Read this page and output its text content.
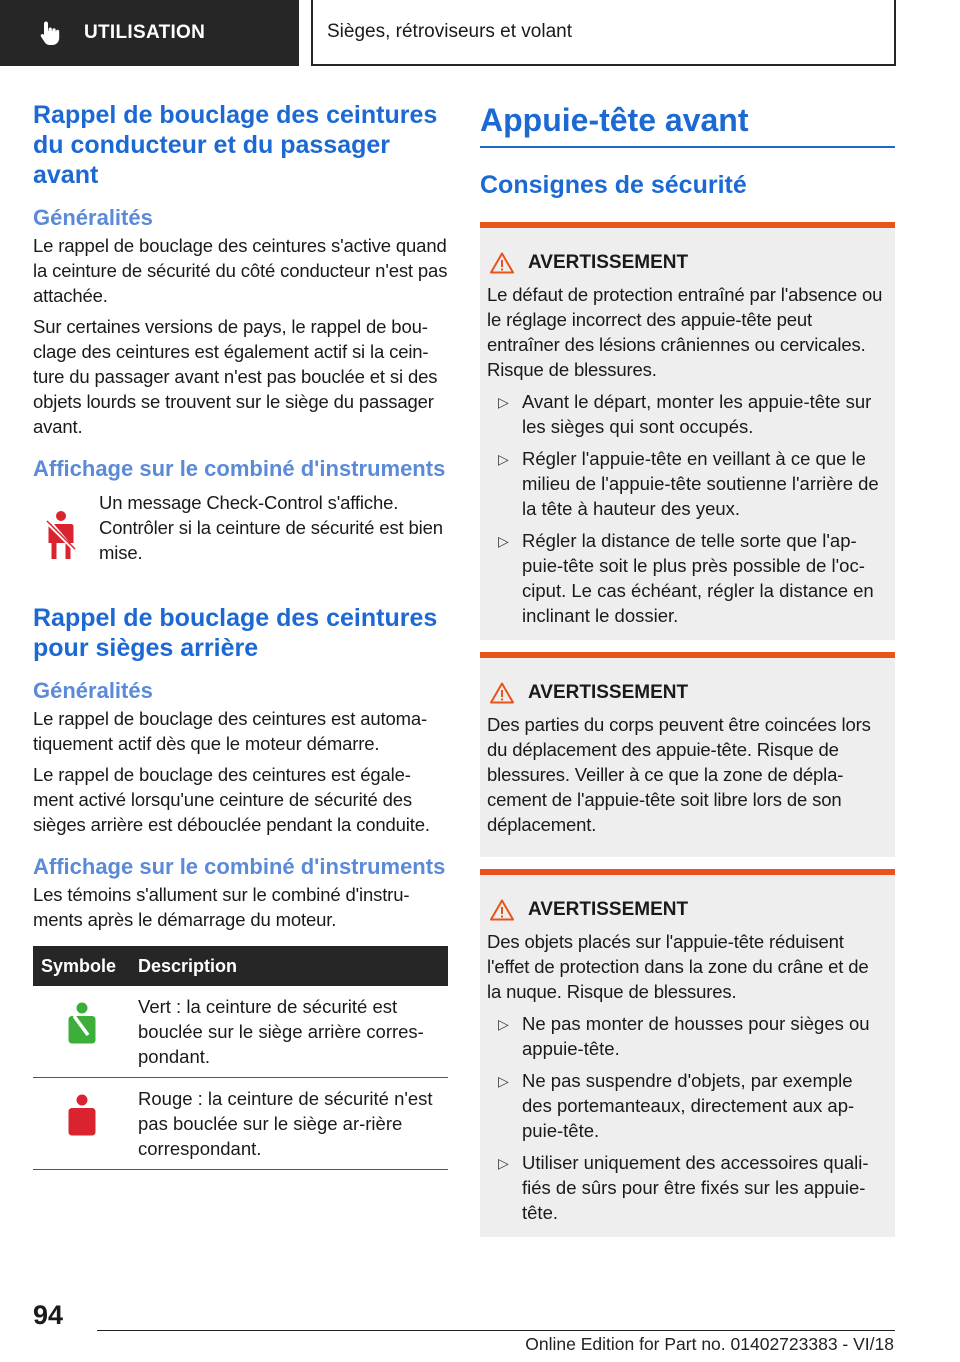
UTILISATION	Sièges, rétroviseurs et volant
Rappel de bouclage des ceintures du conducteur et du passager avant
Généralités

Le rappel de bouclage des ceintures s'active quand la ceinture de sécurité du côté conducteur n'est pas attachée.

Sur certaines versions de pays, le rappel de bou‐clage des ceintures est également actif si la cein‐ture du passager avant n'est pas bouclée et si des objets lourds se trouvent sur le siège du passager avant.

Affichage sur le combiné d'instruments

Un message Check-Control s'affiche. Contrôler si la ceinture de sécurité est bien mise.

Rappel de bouclage des ceintures pour sièges arrière
Généralités

Le rappel de bouclage des ceintures est automa‐tiquement actif dès que le moteur démarre.

Le rappel de bouclage des ceintures est égale‐ment activé lorsqu'une ceinture de sécurité des sièges arrière est débouclée pendant la conduite.

Affichage sur le combiné d'instruments

Les témoins s'allument sur le combiné d'instru‐ments après le démarrage du moteur.

Symbole	Description
	Vert : la ceinture de sécurité est bouclée sur le siège arrière corres‐pondant.
	Rouge : la ceinture de sécurité n'est pas bouclée sur le siège ar‐rière correspondant.
Appuie-tête avant
Consignes de sécurité
AVERTISSEMENT

Le défaut de protection entraîné par l'absence ou le réglage incorrect des appuie-tête peut entraîner des lésions crâniennes ou cervicales. Risque de blessures.

▷ Avant le départ, monter les appuie-tête sur les sièges qui sont occupés.
▷ Régler l'appuie-tête en veillant à ce que le milieu de l'appuie-tête soutienne l'arrière de la tête à hauteur des yeux.
▷ Régler la distance de telle sorte que l'ap‐puie-tête soit le plus près possible de l'oc‐ciput. Le cas échéant, régler la distance en inclinant le dossier.
AVERTISSEMENT

Des parties du corps peuvent être coincées lors du déplacement des appuie-tête. Risque de blessures. Veiller à ce que la zone de dépla‐cement de l'appuie-tête soit libre lors de son déplacement.

AVERTISSEMENT

Des objets placés sur l'appuie-tête réduisent l'effet de protection dans la zone du crâne et de la nuque. Risque de blessures.

▷ Ne pas monter de housses pour sièges ou appuie-tête.
▷ Ne pas suspendre d'objets, par exemple des portemanteaux, directement aux ap‐puie-tête.
▷ Utiliser uniquement des accessoires quali‐fiés de sûrs pour être fixés sur les appuie-tête.
94
Online Edition for Part no. 01402723383 - VI/18
